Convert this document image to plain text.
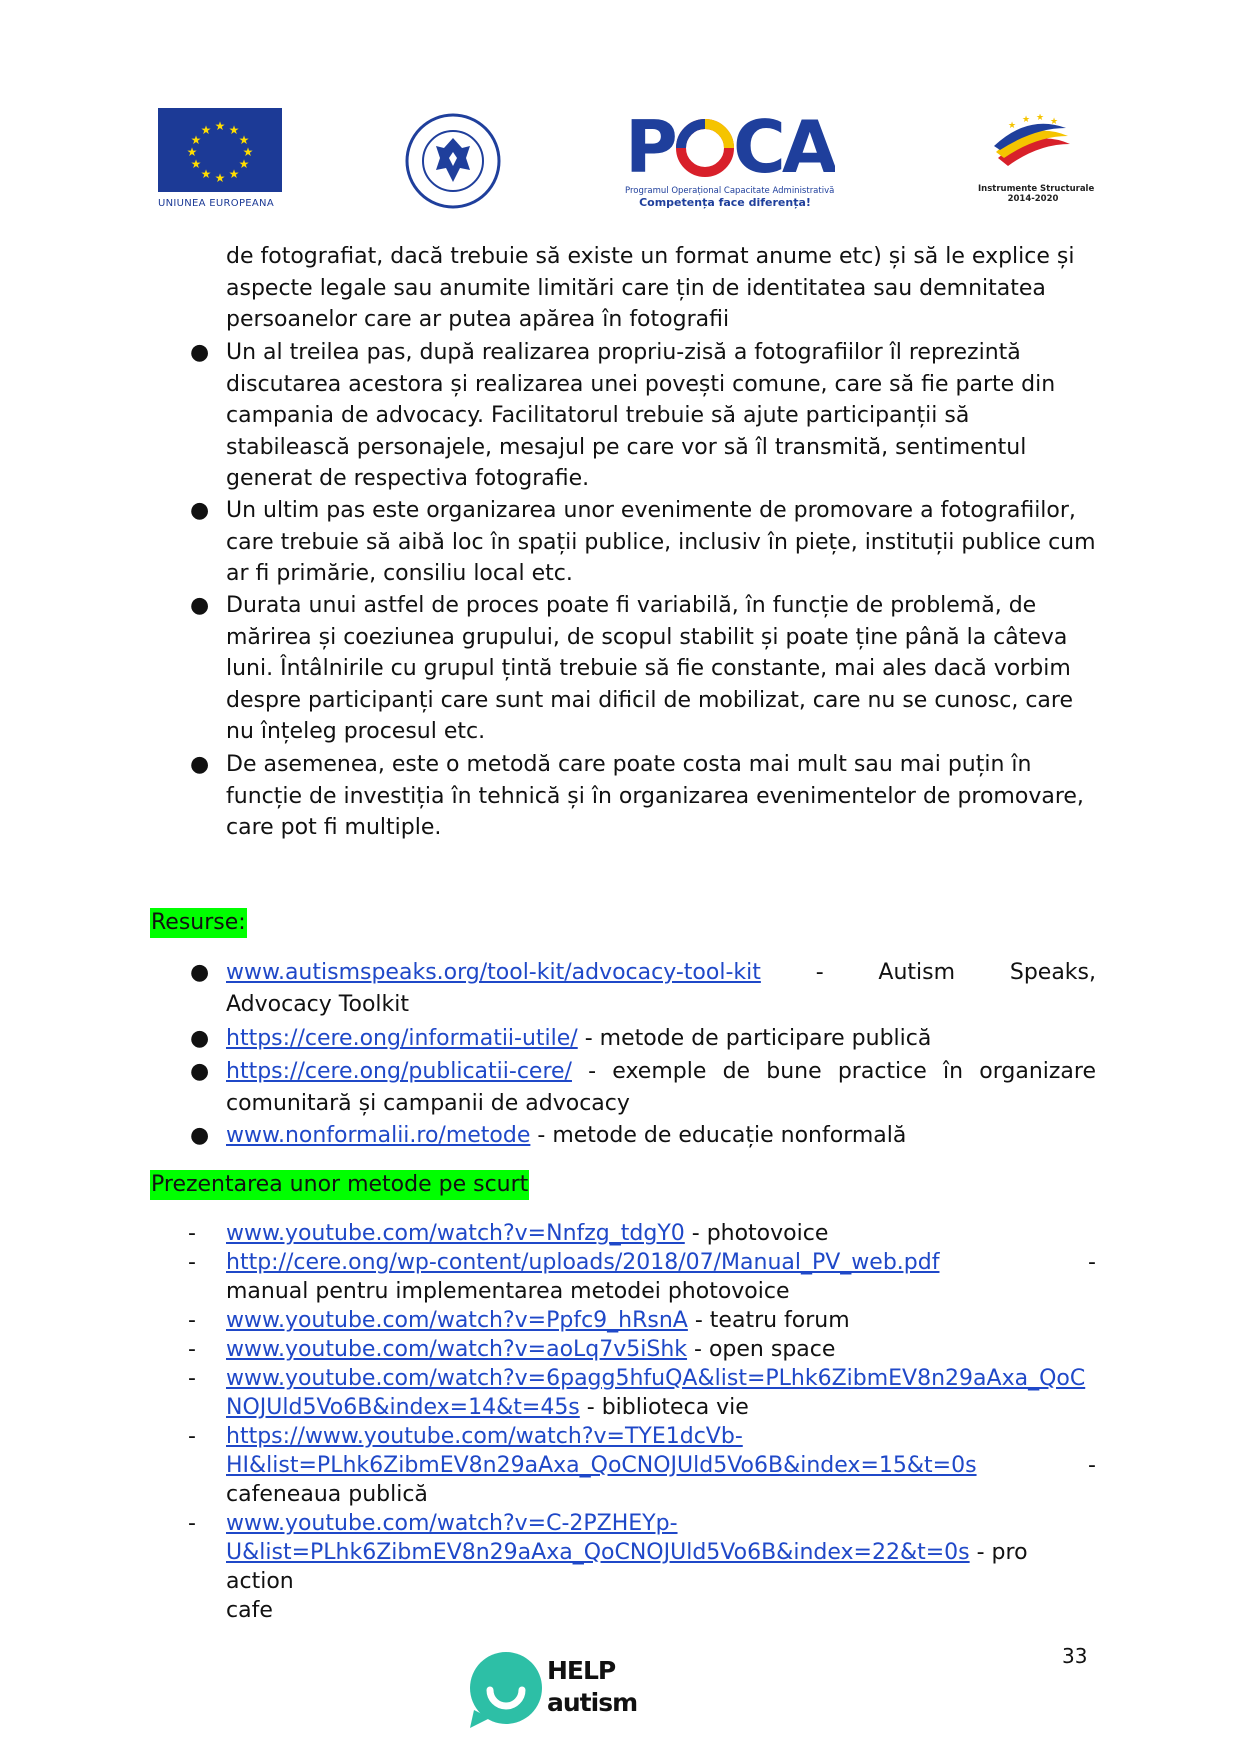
★ ★
★
★
★
★
★
★
★
★
★
★
UNIUNEA EUROPEANA
P CA
Programul Operațional Capacitate Administrativă
Competența face diferența!
★
★ ★ ★
Instrumente Structurale
2014-2020
de fotografiat, dacă trebuie să existe un format anume etc) și să le explice și aspecte legale sau anumite limitări care țin de identitatea sau demnitatea persoanelor care ar putea apărea în fotografii
● Un al treilea pas, după realizarea propriu-zisă a fotografiilor îl reprezintă discutarea acestora și realizarea unei povești comune, care să fie parte din campania de advocacy. Facilitatorul trebuie să ajute participanții să stabilească personajele, mesajul pe care vor să îl transmită, sentimentul generat de respectiva fotografie.
● Un ultim pas este organizarea unor evenimente de promovare a fotografiilor, care trebuie să aibă loc în spații publice, inclusiv în piețe, instituții publice cum ar fi primărie, consiliu local etc.
● Durata unui astfel de proces poate fi variabilă, în funcție de problemă, de mărirea și coeziunea grupului, de scopul stabilit și poate ține până la câteva luni. Întâlnirile cu grupul țintă trebuie să fie constante, mai ales dacă vorbim despre participanți care sunt mai dificil de mobilizat, care nu se cunosc, care nu înțeleg procesul etc.
● De asemenea, este o metodă care poate costa mai mult sau mai puțin în funcție de investiția în tehnică și în organizarea evenimentelor de promovare, care pot fi multiple.
Resurse:
● www.autismspeaks.org/tool-kit/advocacy-tool-kit - Autism Speaks,
Advocacy Toolkit
● https://cere.ong/informatii-utile/ - metode de participare publică
● https://cere.ong/publicatii-cere/ - exemple de bune practice în organizare
comunitară și campanii de advocacy
● www.nonformalii.ro/metode - metode de educație nonformală
Prezentarea unor metode pe scurt
- www.youtube.com/watch?v=Nnfzg_tdgY0 - photovoice
- http://cere.ong/wp-content/uploads/2018/07/Manual_PV_web.pdf	-
manual pentru implementarea metodei photovoice
- www.youtube.com/watch?v=Ppfc9_hRsnA - teatru forum
- www.youtube.com/watch?v=aoLq7v5iShk - open space
- www.youtube.com/watch?v=6pagg5hfuQA&list=PLhk6ZibmEV8n29aAxa_QoC
NOJUld5Vo6B&index=14&t=45s - biblioteca vie
- https://www.youtube.com/watch?v=TYE1dcVb-

HI&list=PLhk6ZibmEV8n29aAxa_QoCNOJUld5Vo6B&index=15&t=0s	-
cafeneaua publică
- www.youtube.com/watch?v=C-2PZHEYp-
U&list=PLhk6ZibmEV8n29aAxa_QoCNOJUld5Vo6B&index=22&t=0s - pro action
cafe
33
HELP
autism
